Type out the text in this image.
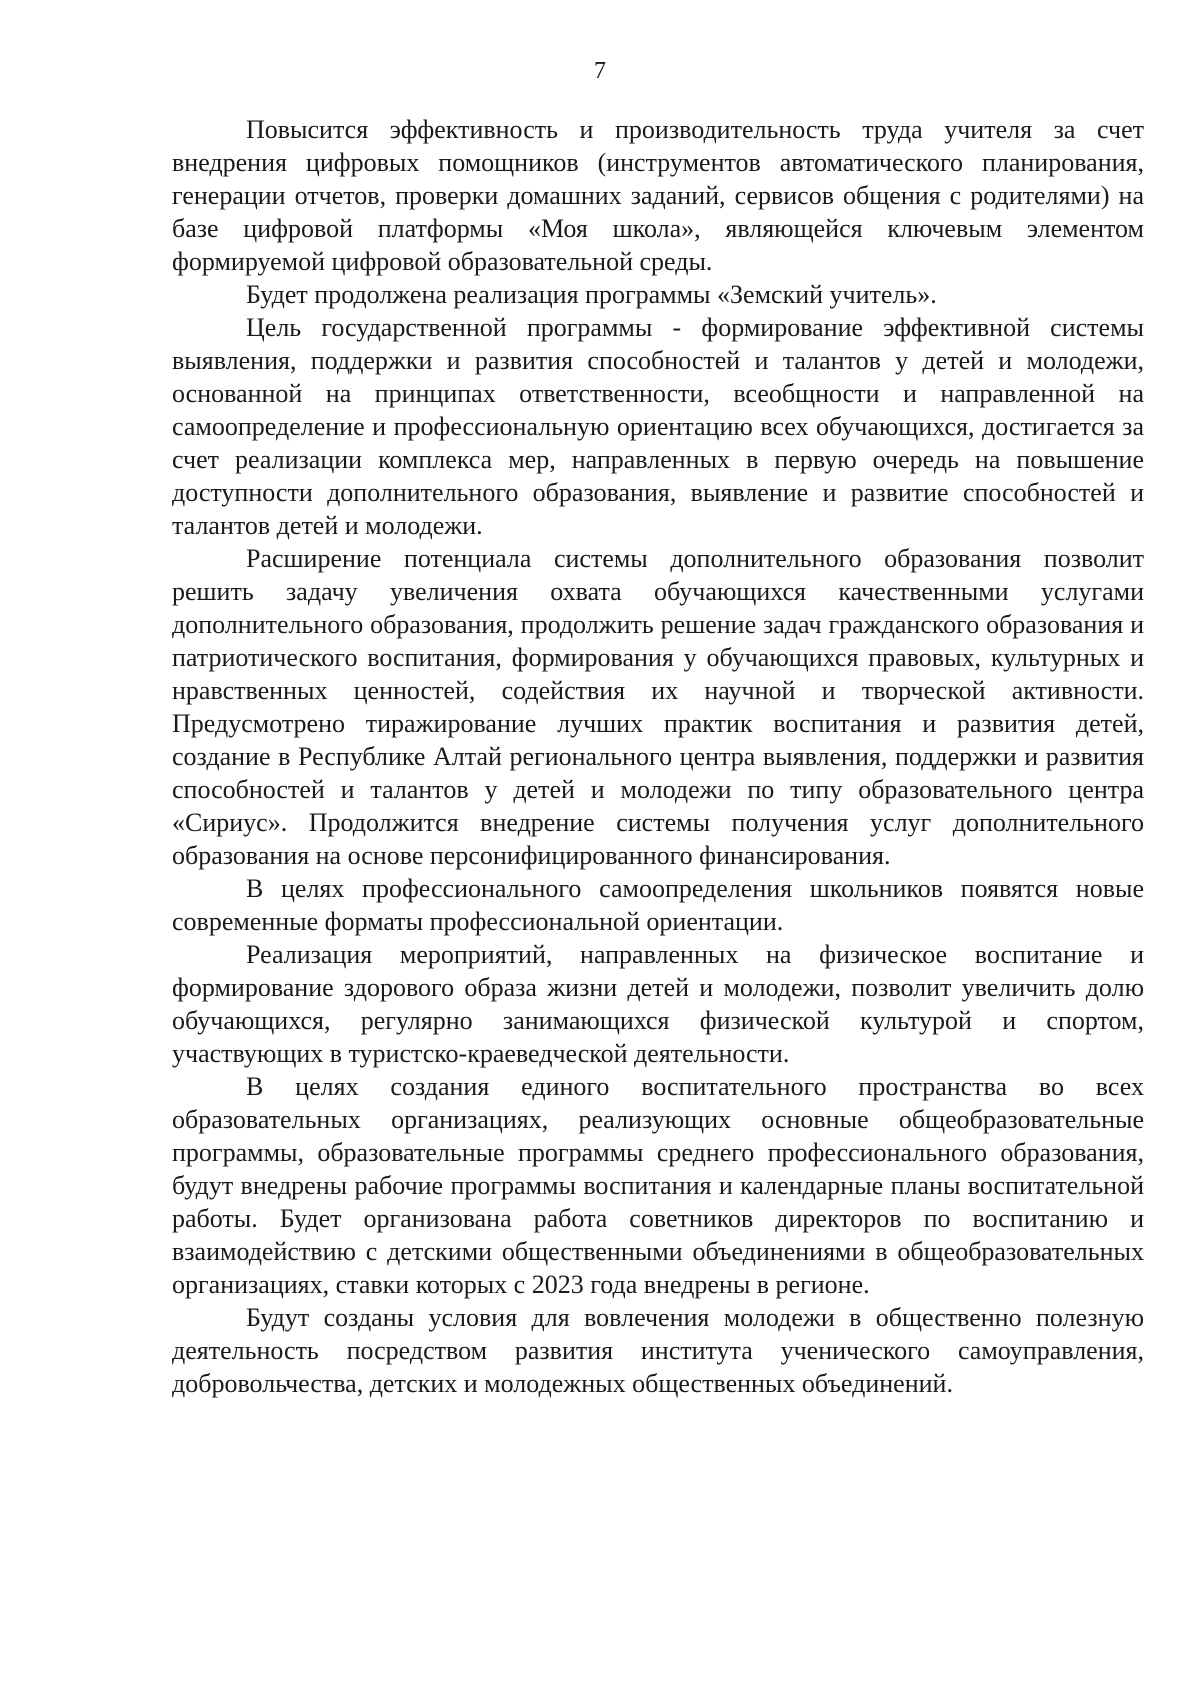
7

Повысится эффективность и производительность труда учителя за счет внедрения цифровых помощников (инструментов автоматического планирования, генерации отчетов, проверки домашних заданий, сервисов общения с родителями) на базе цифровой платформы «Моя школа», являющейся ключевым элементом формируемой цифровой образовательной среды.

Будет продолжена реализация программы «Земский учитель».

Цель государственной программы - формирование эффективной системы выявления, поддержки и развития способностей и талантов у детей и молодежи, основанной на принципах ответственности, всеобщности и направленной на самоопределение и профессиональную ориентацию всех обучающихся, достигается за счет реализации комплекса мер, направленных в первую очередь на повышение доступности дополнительного образования, выявление и развитие способностей и талантов детей и молодежи.

Расширение потенциала системы дополнительного образования позволит решить задачу увеличения охвата обучающихся качественными услугами дополнительного образования, продолжить решение задач гражданского образования и патриотического воспитания, формирования у обучающихся правовых, культурных и нравственных ценностей, содействия их научной и творческой активности. Предусмотрено тиражирование лучших практик воспитания и развития детей, создание в Республике Алтай регионального центра выявления, поддержки и развития способностей и талантов у детей и молодежи по типу образовательного центра «Сириус». Продолжится внедрение системы получения услуг дополнительного образования на основе персонифицированного финансирования.

В целях профессионального самоопределения школьников появятся новые современные форматы профессиональной ориентации.

Реализация мероприятий, направленных на физическое воспитание и формирование здорового образа жизни детей и молодежи, позволит увеличить долю обучающихся, регулярно занимающихся физической культурой и спортом, участвующих в туристско-краеведческой деятельности.

В целях создания единого воспитательного пространства во всех образовательных организациях, реализующих основные общеобразовательные программы, образовательные программы среднего профессионального образования, будут внедрены рабочие программы воспитания и календарные планы воспитательной работы. Будет организована работа советников директоров по воспитанию и взаимодействию с детскими общественными объединениями в общеобразовательных организациях, ставки которых с 2023 года внедрены в регионе.

Будут созданы условия для вовлечения молодежи в общественно полезную деятельность посредством развития института ученического самоуправления, добровольчества, детских и молодежных общественных объединений.
